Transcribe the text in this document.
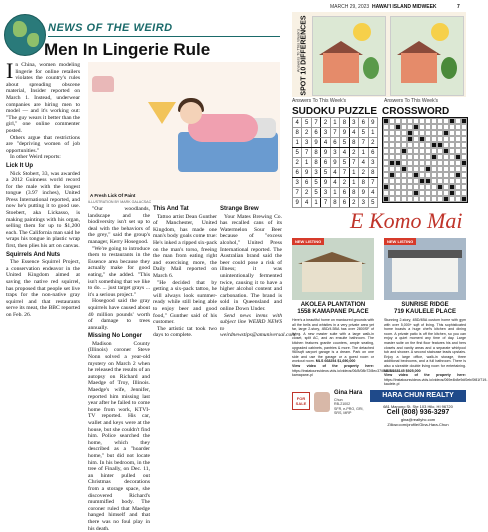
MARCH 29, 2023 HAWAI'I ISLAND MIDWEEK	7
NEWS OF THE WEIRD
Men In Lingerie Rule

In China, women modeling lingerie for online retailers violates the country's rules about spreading obscene material, Insider reported on March 1. Instead, underwear companies are hiring men to model — and it's working out: "The guy wears it better than the girl," one online commenter posted.

Others argue that restrictions are "depriving women of job opportunities."

In other Weird reports:

Lick It Up

Nick Stobert, 33, was awarded a 2012 Guinness world record for the male with the longest tongue (3.97 inches), United Press International reported, and now he's putting it to good use. Stoebert, aka Lickasso, is making paintings with his organ, selling them for up to $1,200 each. The California man said he wraps his tongue in plastic wrap first, then plies his art on canvas.

Squirrels And Nuts

The Essence Squirrel Project, a conservation endeavor in the United Kingdom aimed at saving the native red squirrel, has proposed that people set live traps for the non-native gray squirrel and that restaurants serve its meat, the BBC reported on Feb. 26.

A Fresh Lick Of Paint
ILLUSTRATION BY MARK GALACSAC

"Our woodlands, landscape and the biodiversity isn't set up to deal with the behaviors of the grey," said the group's manager, Kerry Hosegood.

"We're going to introduce them to restaurants in the Essence area because they actually make for good eating," she added. "This isn't something that we like to do. ... just target grays ... it's a serious project."

Hosegood said the gray squirrels have caused about 40 million pounds' worth of damage to trees annually.

Missing No Longer

Madison County (Illinois) coroner Steve Nonn solved a year-old mystery on March 2 when he released the results of an autopsy on Richard and Maedge of Troy, Illinois. Maedge's wife, Jennifer, reported him missing last year after he failed to come home from work, KTVI-TV reported. His car, wallet and keys were at the house, but she couldn't find him. Police searched the home, which they described as a "hoarder home," but did not locate him. In his bedroom, in the tree of Finally, on Dec. 11, an hinter pulled out Christmas decorations from a storage space, she discovered Richard's mummified body. The coroner ruled that Maedge hanged himself and that there was no foul play in his death.

This And Tat

Tattoo artist Dean Gunther of Manchester, United Kingdom, has made one man's body goals come true: He's inked a ripped six-pack on the man's torso, freeing the man from eating right and exercising more, the Daily Mail reported on March 6.

"He decided that by getting a six-pack tattoo, he will always look summer-ready while still being able to enjoy beer and good food," Gunther said of his customer.

The artistic tat took two days to complete.

Strange Brew

Your Mates Brewing Co. has recalled cans of its Watermelon Sour Beer because of "excess alcohol," United Press International reported. The Australian brand said the beer could pose a risk of illness; it was unintentionally fermented twice, causing it to have a higher alcohol content and carbonation. The brand is sold in Queensland and online Down Under.

Send news items with subject line WEIRD NEWS to weirdnewstips@amuniversal.com.

Answers To This Week's SPOT 10 DIFFERENCES
Answers To This Week's
SUDOKU PUZZLE
4	5	7	2	1	8	3	6	9
8	2	6	3	7	9	4	5	1
1	3	9	4	6	5	8	7	2
5	7	8	9	3	4	2	1	6
2	1	8	6	9	5	7	4	3
6	9	3	5	4	7	1	2	8
3	6	5	9	4	2	1	8	7
7	2	5	3	1	6	8	9	4
9	4	1	7	8	6	2	3	5
Answers To This Week's
CROSSWORD
E Komo Mai
NEW LISTING	NEW LISTING
AKOLEA PLANTATION
1558 KAMAPANE PLACE
SUNRISE RIDGE
719 KAULELE PLACE
Here's a beautiful home on manicured grounds with all the bells and whistles in a very private area yet far, large 2-story, 4BD/4.5BA has over 2800SF of living. A new master suite with a large walk-in closet, split AC, and an ensuite bathroom. The kitchen features granite counters, ample seating, upgraded cabinets, pantries & more. The detached 960sqft carport garage is a dream. Park on one side and use the garage or a guest room or workout room. MLS 668254 $1,690,000
View video of the property here: https://instatoursvideos.vids.io/videos/06/8/08b72/8ec37/8/1558-kamapane-pl
Stunning 2-story, 4BD/4BA custom home with gym with over 5,000+ sqft of living. This sophisticated home boasts a huge chef's kitchen and dining room. A private patio is off the kitchen, so you can enjoy a quiet moment any time of day. Large master suite on the first floor features his and hers closets and vanity areas and a separate whirlpool tub and shower. A second staircase leads upstairs. Enjoy a large office, walk-in storage, three additional bedrooms, and a full bathroom. There is also a sizeable double living room for entertaining. MLS 668145 $925,000
View video of the property here: https://instatoursvideos.vids.io/videos/069e4b8e9d/0eb/0f81f719-kaulele-pl
FOR SALE
Gina Hara
Chun
RB-21002
SFR, e-PRO, GRI,
SRS, MRP
HARA CHUN REALTY
681 Manono St. Ste 103 Hilo, HI 96720
Cell (808) 936-3297
gina@realtyhc.com
Zillow.com/profile/Gina-Hara-Chun
